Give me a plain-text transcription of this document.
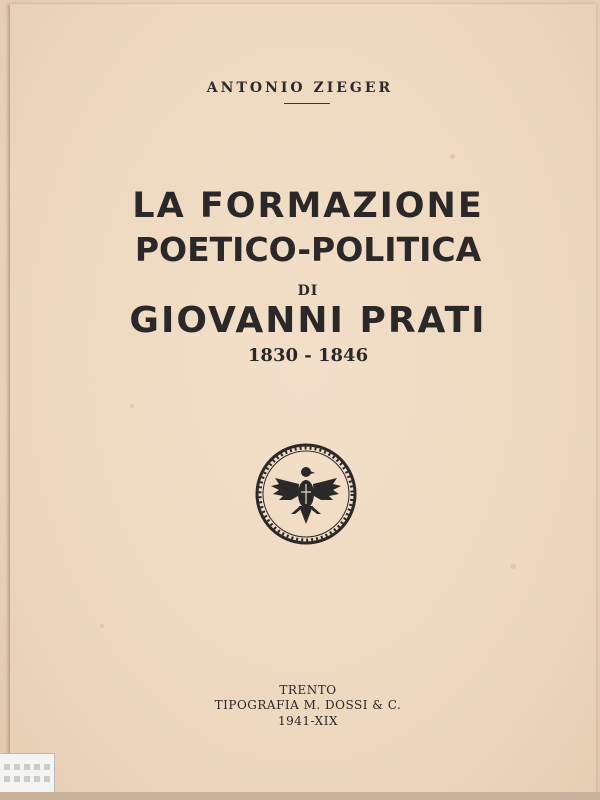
ANTONIO ZIEGER
LA FORMAZIONE
POETICO-POLITICA
DI
GIOVANNI PRATI
1830 - 1846
TRENTO
TIPOGRAFIA M. DOSSI & C.
1941-XIX
